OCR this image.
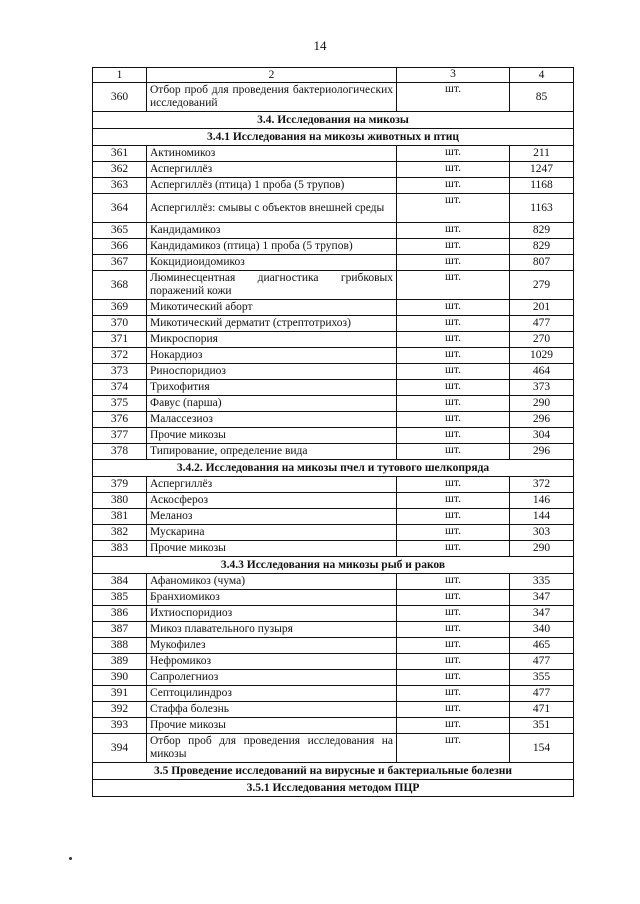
14
1	2	3	4
360	Отбор проб для проведения бактериологических исследований	шт.	85
3.4. Исследования на микозы			
3.4.1 Исследования на микозы животных и птиц			
361	Актиномикоз	шт.	211
362	Аспергиллёз	шт.	1247
363	Аспергиллёз (птица) 1 проба (5 трупов)	шт.	1168
364	Аспергиллёз: смывы с объектов внешней среды	шт.	1163
365	Кандидамикоз	шт.	829
366	Кандидамикоз (птица) 1 проба (5 трупов)	шт.	829
367	Кокцидиоидомикоз	шт.	807
368	Люминесцентная диагностика грибковых поражений кожи	шт.	279
369	Микотический аборт	шт.	201
370	Микотический дерматит (стрептотрихоз)	шт.	477
371	Микроспория	шт.	270
372	Нокардиоз	шт.	1029
373	Риноспоридиоз	шт.	464
374	Трихофития	шт.	373
375	Фавус (парша)	шт.	290
376	Малассезиоз	шт.	296
377	Прочие микозы	шт.	304
378	Типирование, определение вида	шт.	296
3.4.2. Исследования на микозы пчел и тутового шелкопряда			
379	Аспергиллёз	шт.	372
380	Аскосфероз	шт.	146
381	Меланоз	шт.	144
382	Мускарина	шт.	303
383	Прочие микозы	шт.	290
3.4.3 Исследования на микозы рыб и раков			
384	Афаномикоз (чума)	шт.	335
385	Бранхиомикоз	шт.	347
386	Ихтиоспоридиоз	шт.	347
387	Микоз плавательного пузыря	шт.	340
388	Мукофилез	шт.	465
389	Нефромикоз	шт.	477
390	Сапролегниоз	шт.	355
391	Септоцилиндроз	шт.	477
392	Стаффа болезнь	шт.	471
393	Прочие микозы	шт.	351
394	Отбор проб для проведения исследования на микозы	шт.	154
3.5 Проведение исследований на вирусные и бактериальные болезни			
3.5.1 Исследования методом ПЦР			
